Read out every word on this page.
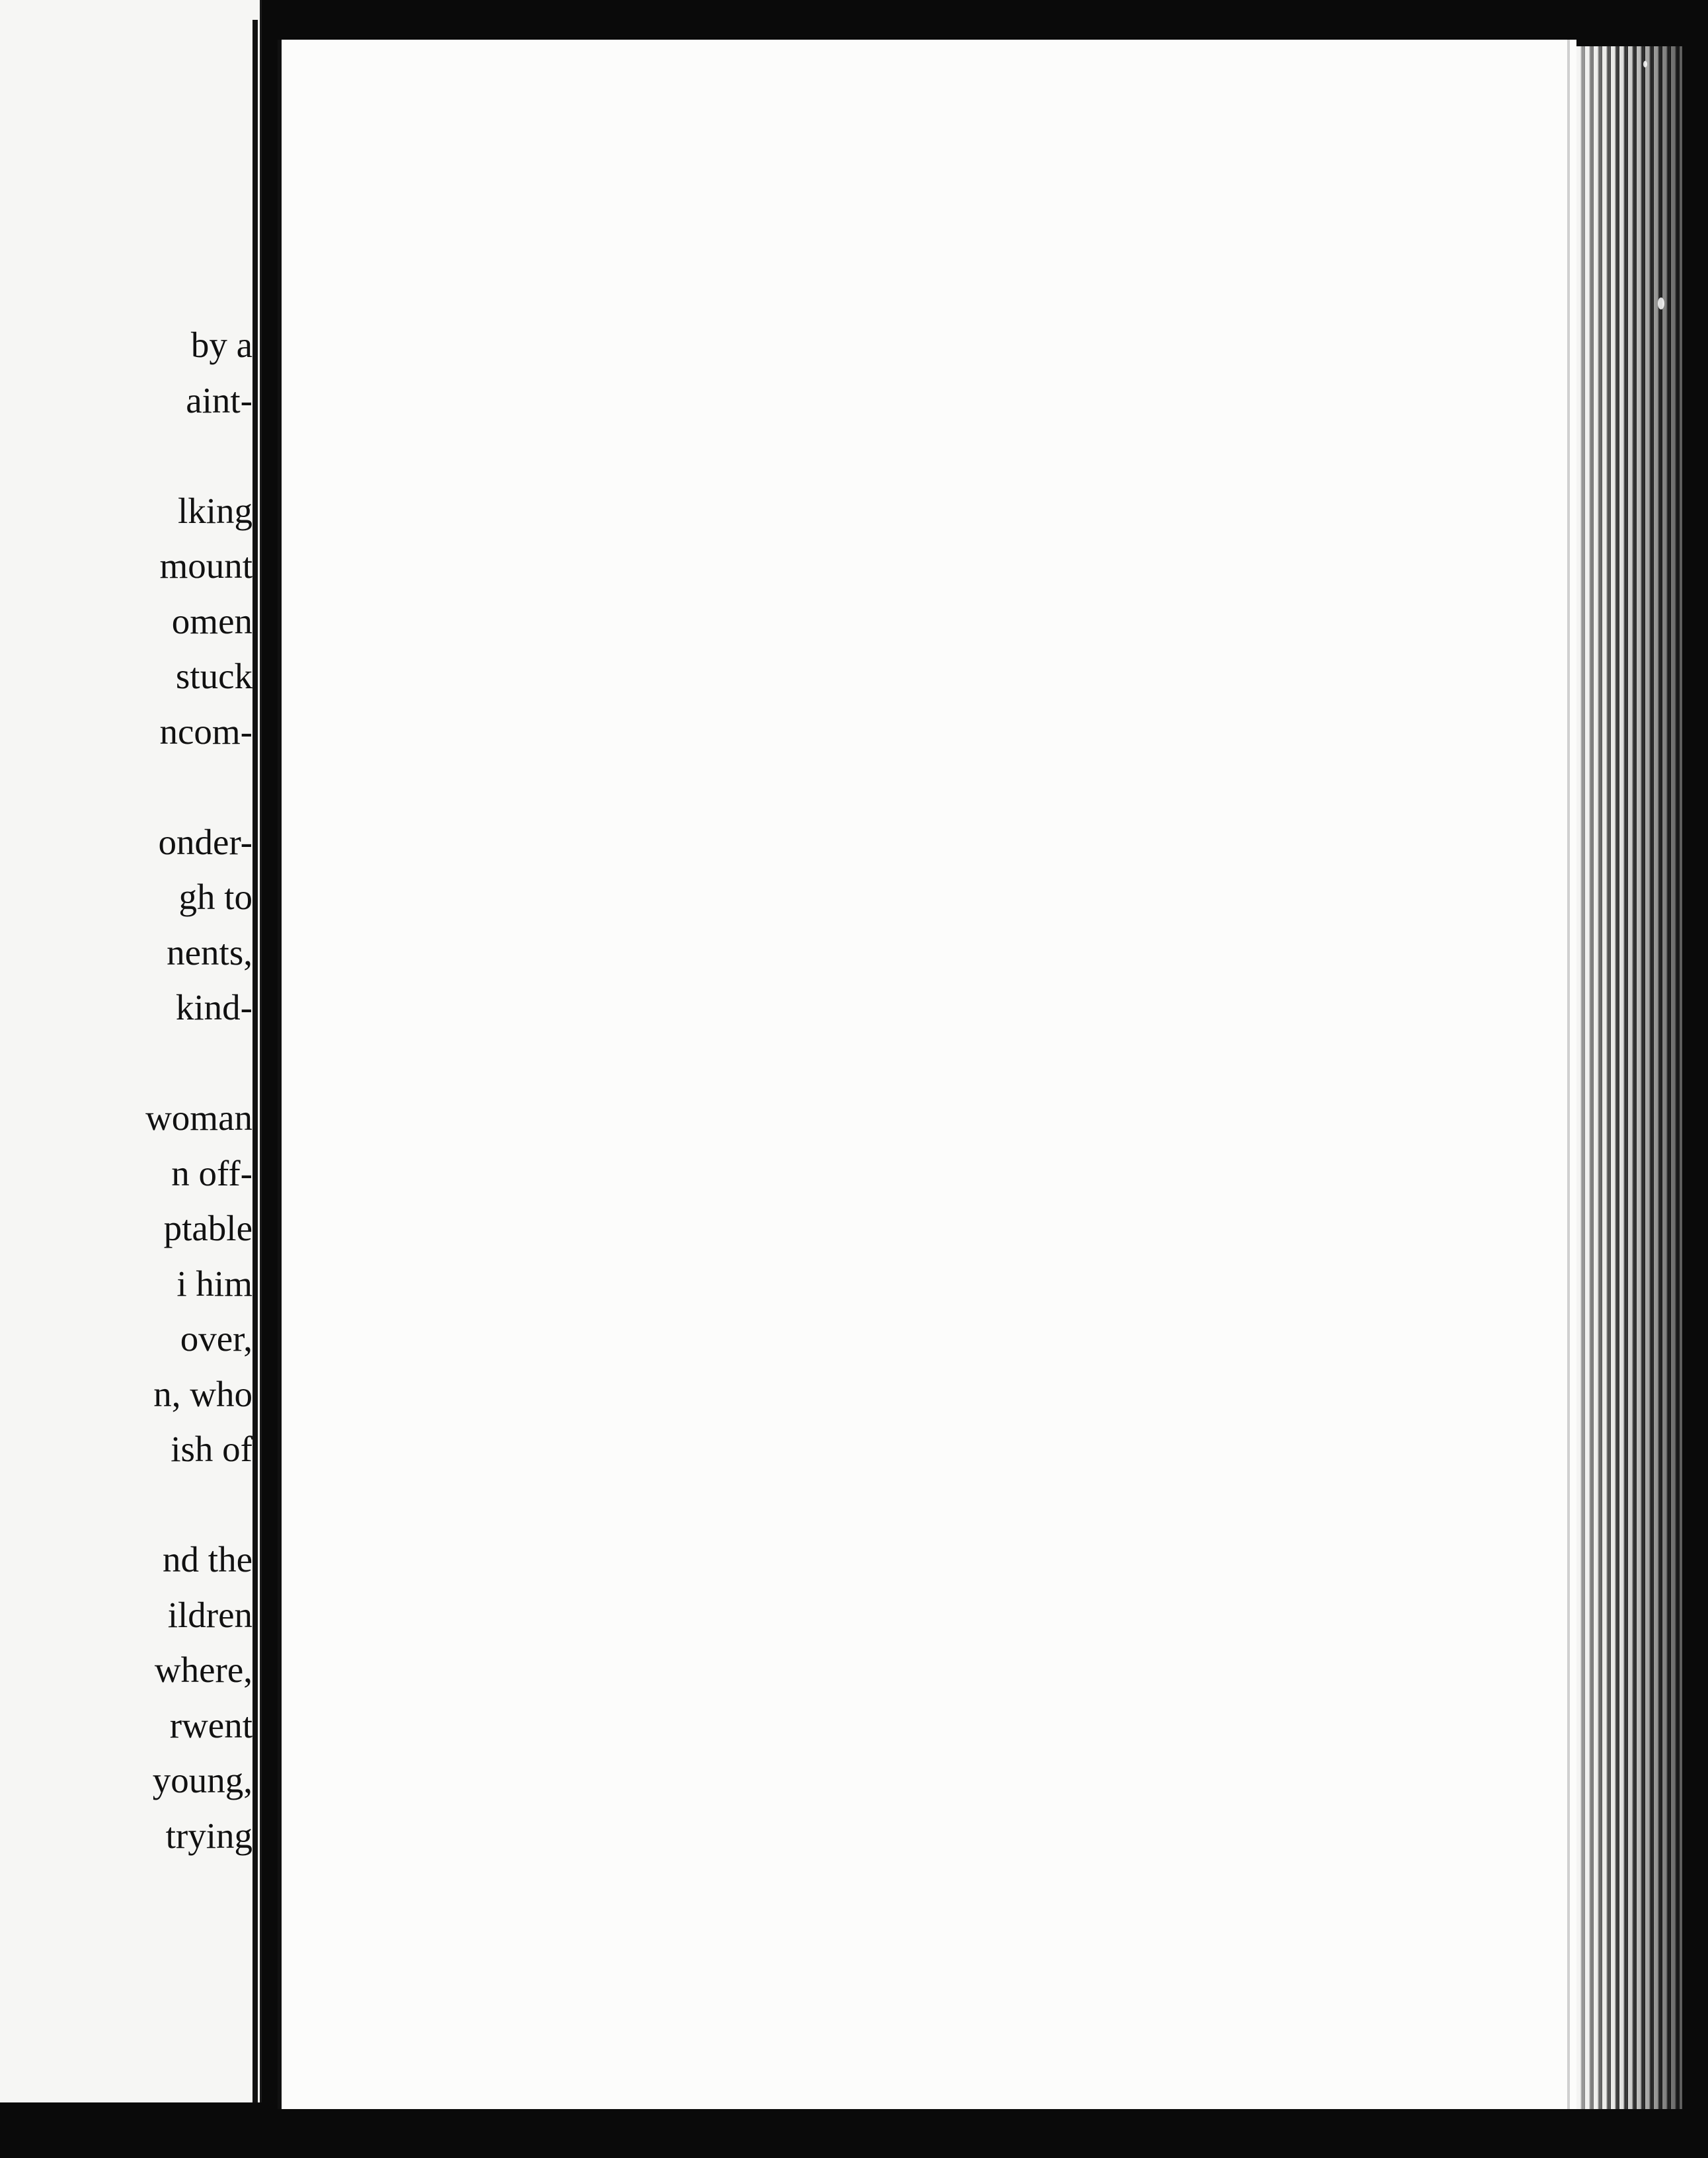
by a
aint-
lking
mount
omen
stuck
ncom-
onder-
gh to
nents,
kind-
woman
n off-
ptable
i him
over,
n, who
ish of
nd the
ildren
where,
rwent
young,
trying
